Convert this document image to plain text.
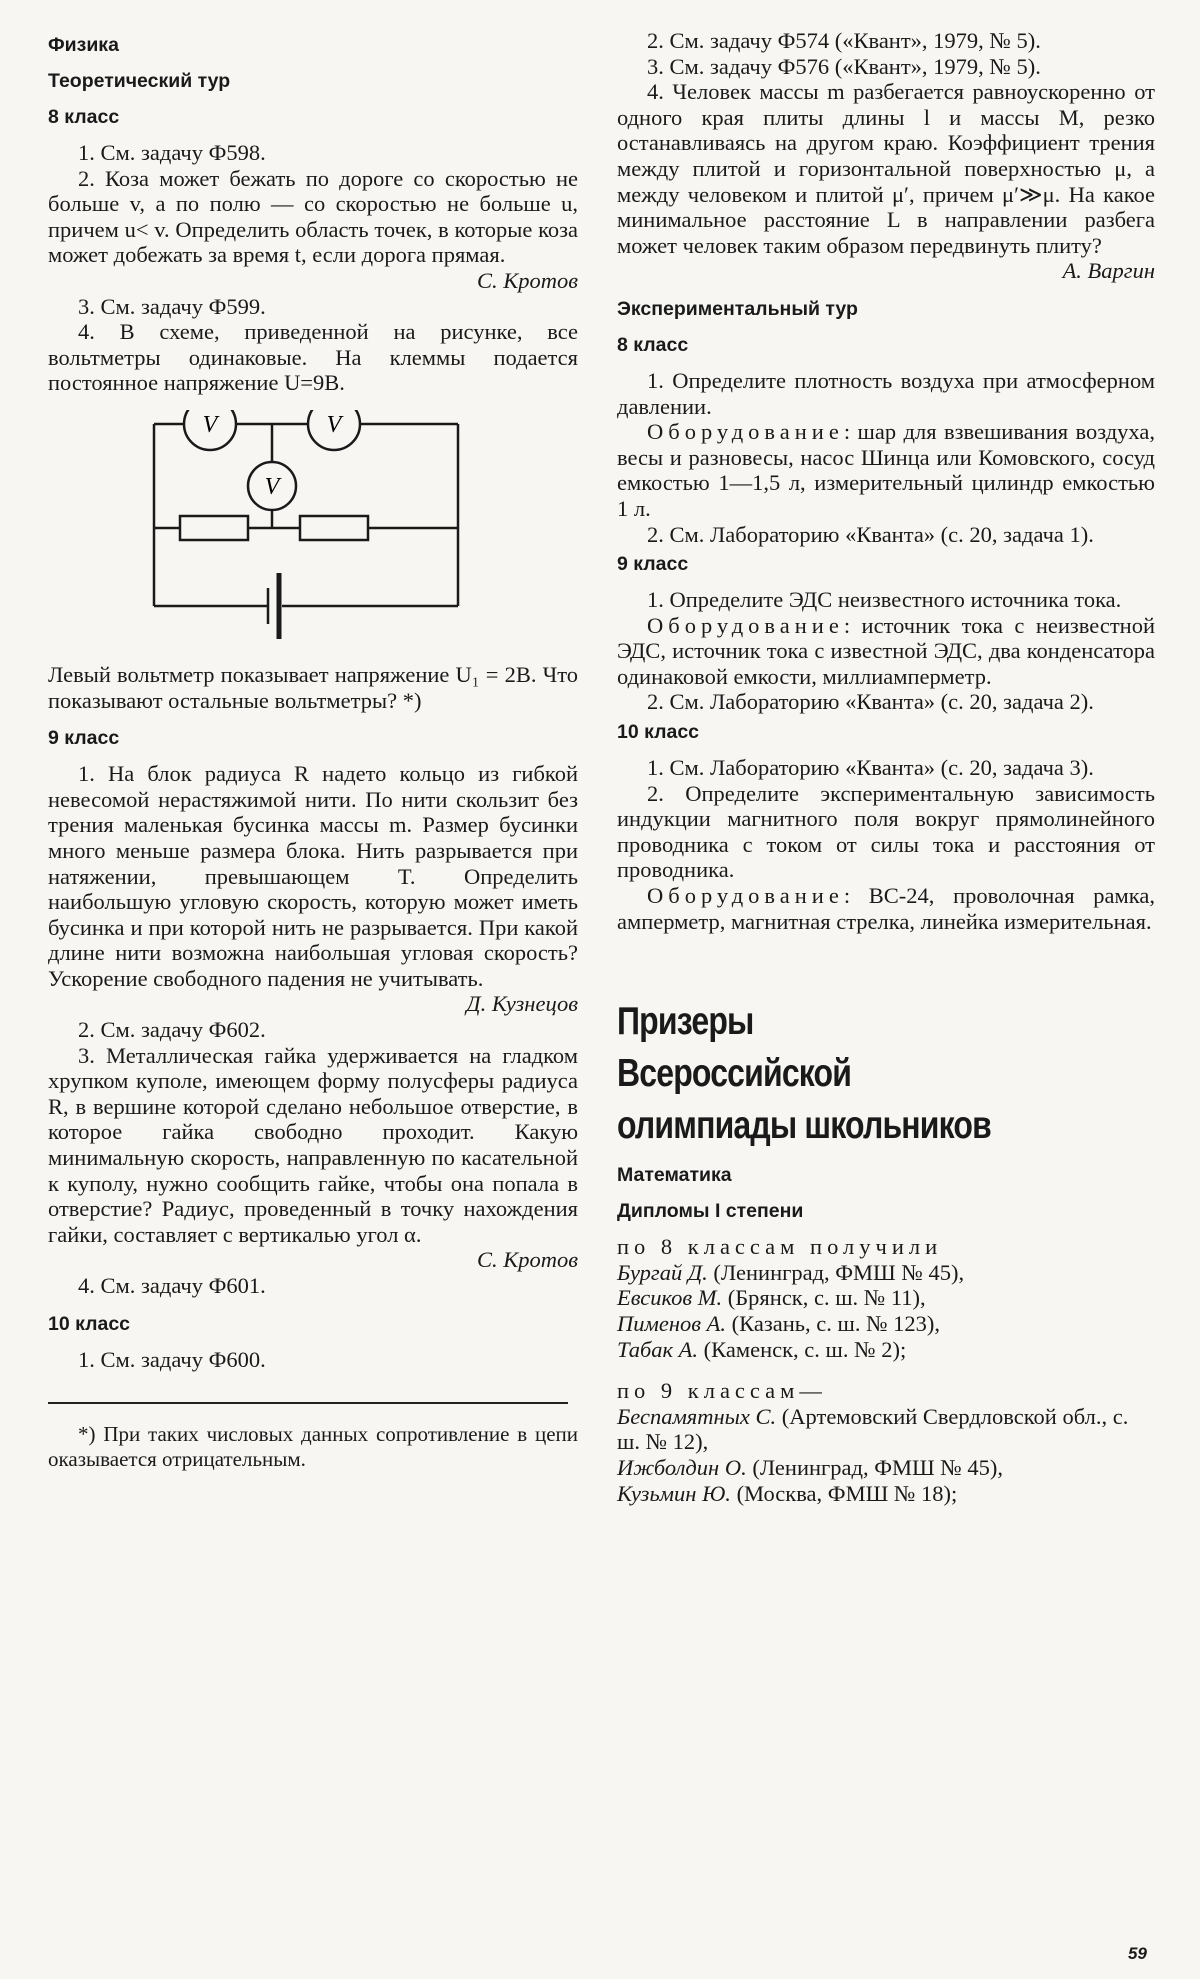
Физика
Теоретический тур
8 класс

1. См. задачу Ф598.

2. Коза может бежать по дороге со скоростью не больше v, а по полю — со скоростью не больше u, причем u< v. Определить область точек, в которые коза может добежать за время t, если дорога прямая.

С. Кротов

3. См. задачу Ф599.

4. В схеме, приведенной на рисунке, все вольтметры одинаковые. На клеммы подается постоянное напряжение U=9В.

V	V
V

Левый вольтметр показывает напряжение U₁ = 2В. Что показывают остальные вольтметры? *)

9 класс

1. На блок радиуса R надето кольцо из гибкой невесомой нерастяжимой нити. По нити скользит без трения маленькая бусинка массы m. Размер бусинки много меньше размера блока. Нить разрывается при натяжении, превышающем T. Определить наибольшую угловую скорость, которую может иметь бусинка и при которой нить не разрывается. При какой длине нити возможна наибольшая угловая скорость? Ускорение свободного падения не учитывать.

Д. Кузнецов

2. См. задачу Ф602.

3. Металлическая гайка удерживается на гладком хрупком куполе, имеющем форму полусферы радиуса R, в вершине которой сделано небольшое отверстие, в которое гайка свободно проходит. Какую минимальную скорость, направленную по касательной к куполу, нужно сообщить гайке, чтобы она попала в отверстие? Радиус, проведенный в точку нахождения гайки, составляет с вертикалью угол α.

С. Кротов

4. См. задачу Ф601.

10 класс

1. См. задачу Ф600.

*) При таких числовых данных сопротивление в цепи оказывается отрицательным.

2. См. задачу Ф574 («Квант», 1979, № 5).

3. См. задачу Ф576 («Квант», 1979, № 5).

4. Человек массы m разбегается равноускоренно от одного края плиты длины l и массы M, резко останавливаясь на другом краю. Коэффициент трения между плитой и горизонтальной поверхностью μ, а между человеком и плитой μ′, причем μ′≫μ. На какое минимальное расстояние L в направлении разбега может человек таким образом передвинуть плиту?

А. Варгин

Экспериментальный тур
8 класс

1. Определите плотность воздуха при атмосферном давлении.

Оборудование: шар для взвешивания воздуха, весы и разновесы, насос Шинца или Комовского, сосуд емкостью 1—1,5 л, измерительный цилиндр емкостью 1 л.

2. См. Лабораторию «Кванта» (с. 20, задача 1).

9 класс

1. Определите ЭДС неизвестного источника тока.

Оборудование: источник тока с неизвестной ЭДС, источник тока с известной ЭДС, два конденсатора одинаковой емкости, миллиамперметр.

2. См. Лабораторию «Кванта» (с. 20, задача 2).

10 класс

1. См. Лабораторию «Кванта» (с. 20, задача 3).

2. Определите экспериментальную зависимость индукции магнитного поля вокруг прямолинейного проводника с током от силы тока и расстояния от проводника.

Оборудование: ВС-24, проволочная рамка, амперметр, магнитная стрелка, линейка измерительная.

Призеры

Всероссийской

олимпиады школьников

Математика
Дипломы I степени

по 8 классам получили

Бургай Д. (Ленинград, ФМШ № 45),

Евсиков М. (Брянск, с. ш. № 11),

Пименов А. (Казань, с. ш. № 123),

Табак А. (Каменск, с. ш. № 2);

по 9 классам—

Беспамятных С. (Артемовский Свердловской обл., с. ш. № 12),

Ижболдин О. (Ленинград, ФМШ № 45),

Кузьмин Ю. (Москва, ФМШ № 18);

59
